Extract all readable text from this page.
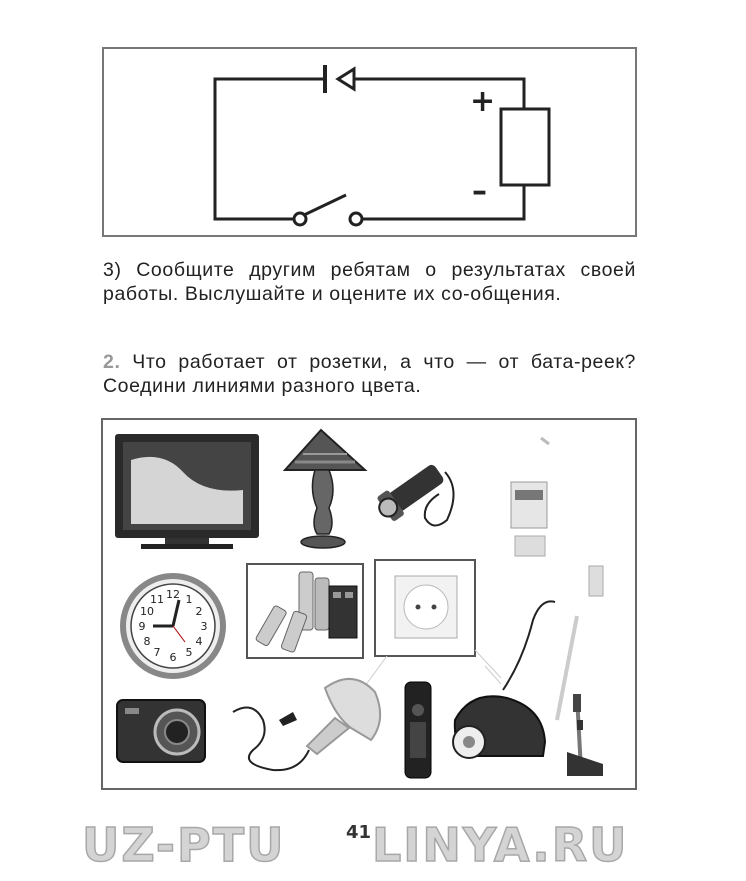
+
–
3) Сообщите другим ребятам о результатах своей работы. Выслушайте и оцените их со-общения.
2. Что работает от розетки, а что — от бата-реек? Соедини линиями разного цвета.
12 1
2
3
4
5
6
7
8
9
10
11
UZ-PTU	41 LINYA.RU
